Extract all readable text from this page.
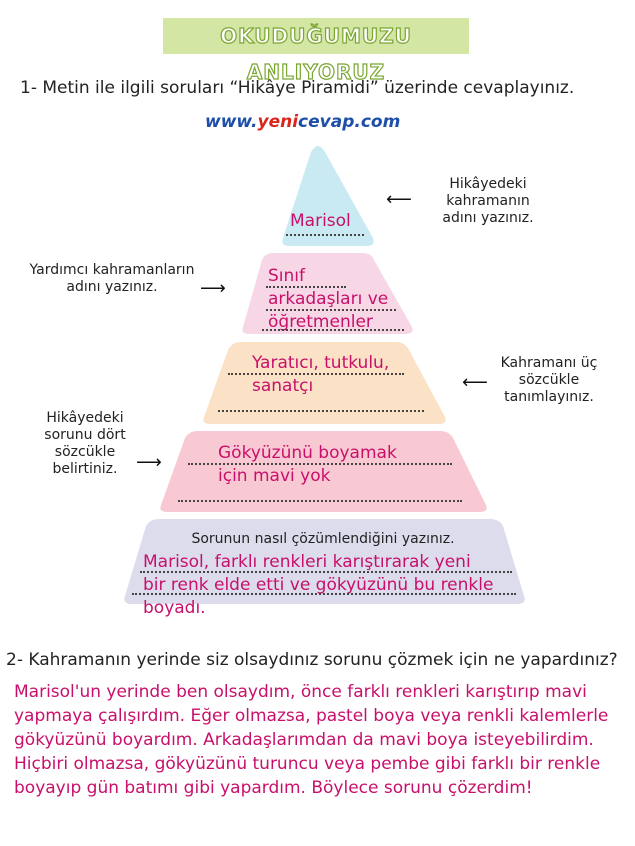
OKUDUĞUMUZU ANLIYORUZ
1- Metin ile ilgili soruları “Hikâye Piramidi” üzerinde cevaplayınız.
www.yenicevap.com
Marisol
⟵
Hikâyedeki kahramanın adını yazınız.
Yardımcı kahramanların adını yazınız.	⟶
Sınıf
arkadaşları ve
öğretmenler
Yaratıcı, tutkulu,
sanatçı	⟵
Kahramanı üç sözcükle tanımlayınız.
Hikâyedeki sorunu dört sözcükle belirtiniz.	⟶	Gökyüzünü boyamak
için mavi yok
Sorunun nasıl çözümlendiğini yazınız.
Marisol, farklı renkleri karıştırarak yeni
bir renk elde etti ve gökyüzünü bu renkle
boyadı.
2- Kahramanın yerinde siz olsaydınız sorunu çözmek için ne yapardınız?
Marisol'un yerinde ben olsaydım, önce farklı renkleri karıştırıp mavi yapmaya çalışırdım. Eğer olmazsa, pastel boya veya renkli kalemlerle gökyüzünü boyardım. Arkadaşlarımdan da mavi boya isteyebilirdim. Hiçbiri olmazsa, gökyüzünü turuncu veya pembe gibi farklı bir renkle boyayıp gün batımı gibi yapardım. Böylece sorunu çözerdim!
